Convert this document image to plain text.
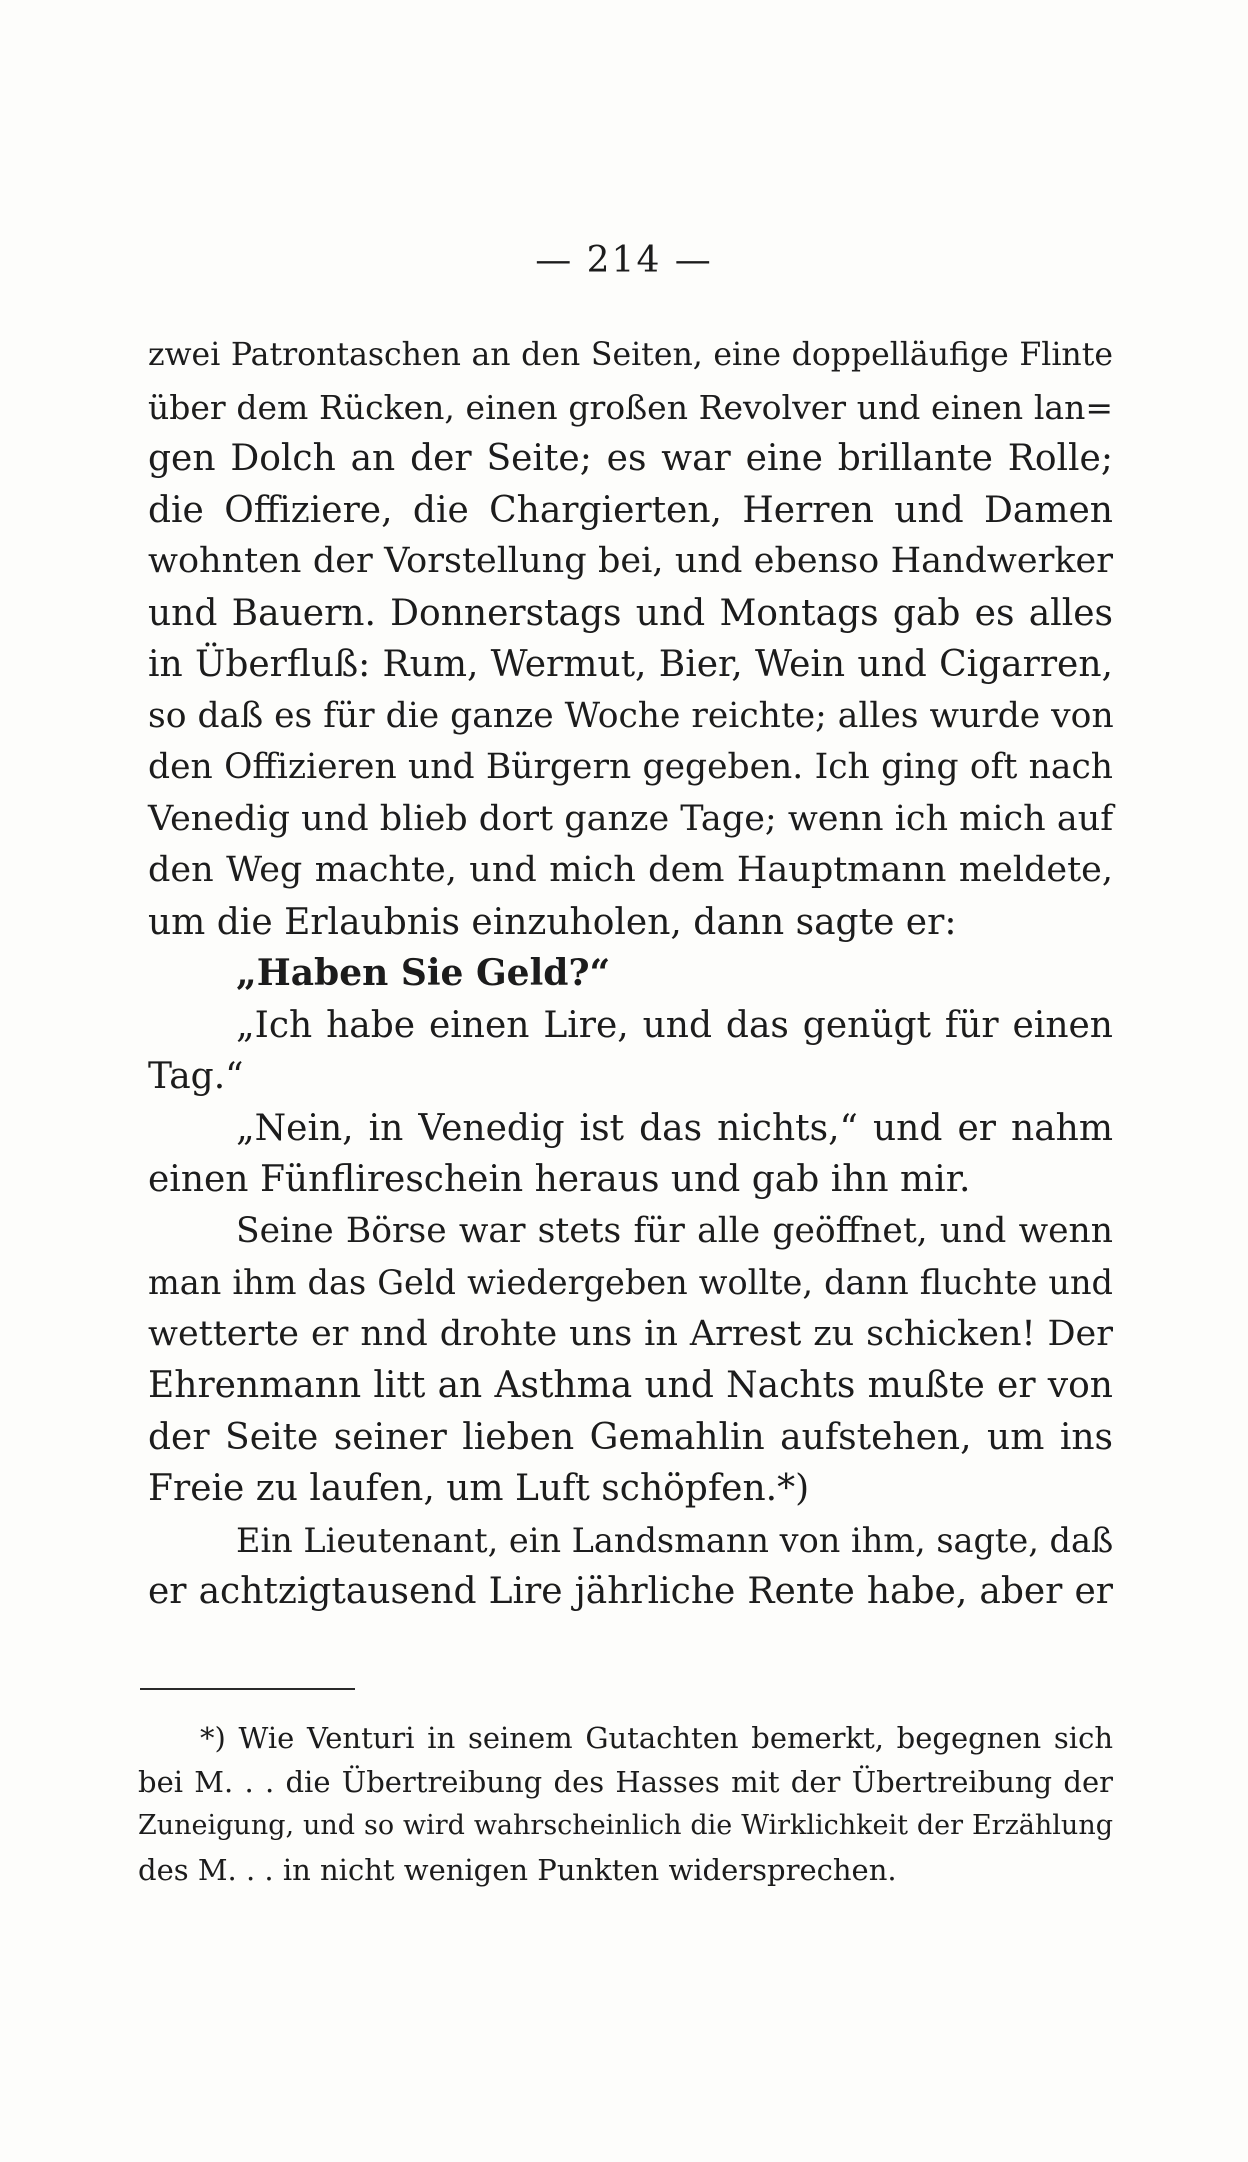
— 214 —
zwei Patrontaschen an den Seiten, eine doppelläufige Flinte
über dem Rücken, einen großen Revolver und einen lan=
gen Dolch an der Seite; es war eine brillante Rolle;
die Offiziere, die Chargierten, Herren und Damen
wohnten der Vorstellung bei, und ebenso Handwerker
und Bauern. Donnerstags und Montags gab es alles
in Überfluß: Rum, Wermut, Bier, Wein und Cigarren,
so daß es für die ganze Woche reichte; alles wurde von
den Offizieren und Bürgern gegeben. Ich ging oft nach
Venedig und blieb dort ganze Tage; wenn ich mich auf
den Weg machte, und mich dem Hauptmann meldete,
um die Erlaubnis einzuholen, dann sagte er:
„Haben Sie Geld?“
„Ich habe einen Lire, und das genügt für einen
Tag.“
„Nein, in Venedig ist das nichts,“ und er nahm
einen Fünflireschein heraus und gab ihn mir.
Seine Börse war stets für alle geöffnet, und wenn
man ihm das Geld wiedergeben wollte, dann fluchte und
wetterte er nnd drohte uns in Arrest zu schicken! Der
Ehrenmann litt an Asthma und Nachts mußte er von
der Seite seiner lieben Gemahlin aufstehen, um ins
Freie zu laufen, um Luft schöpfen.*)
Ein Lieutenant, ein Landsmann von ihm, sagte, daß
er achtzigtausend Lire jährliche Rente habe, aber er
*) Wie Venturi in seinem Gutachten bemerkt, begegnen sich
bei M. . . die Übertreibung des Hasses mit der Übertreibung der
Zuneigung, und so wird wahrscheinlich die Wirklichkeit der Erzählung
des M. . . in nicht wenigen Punkten widersprechen.
